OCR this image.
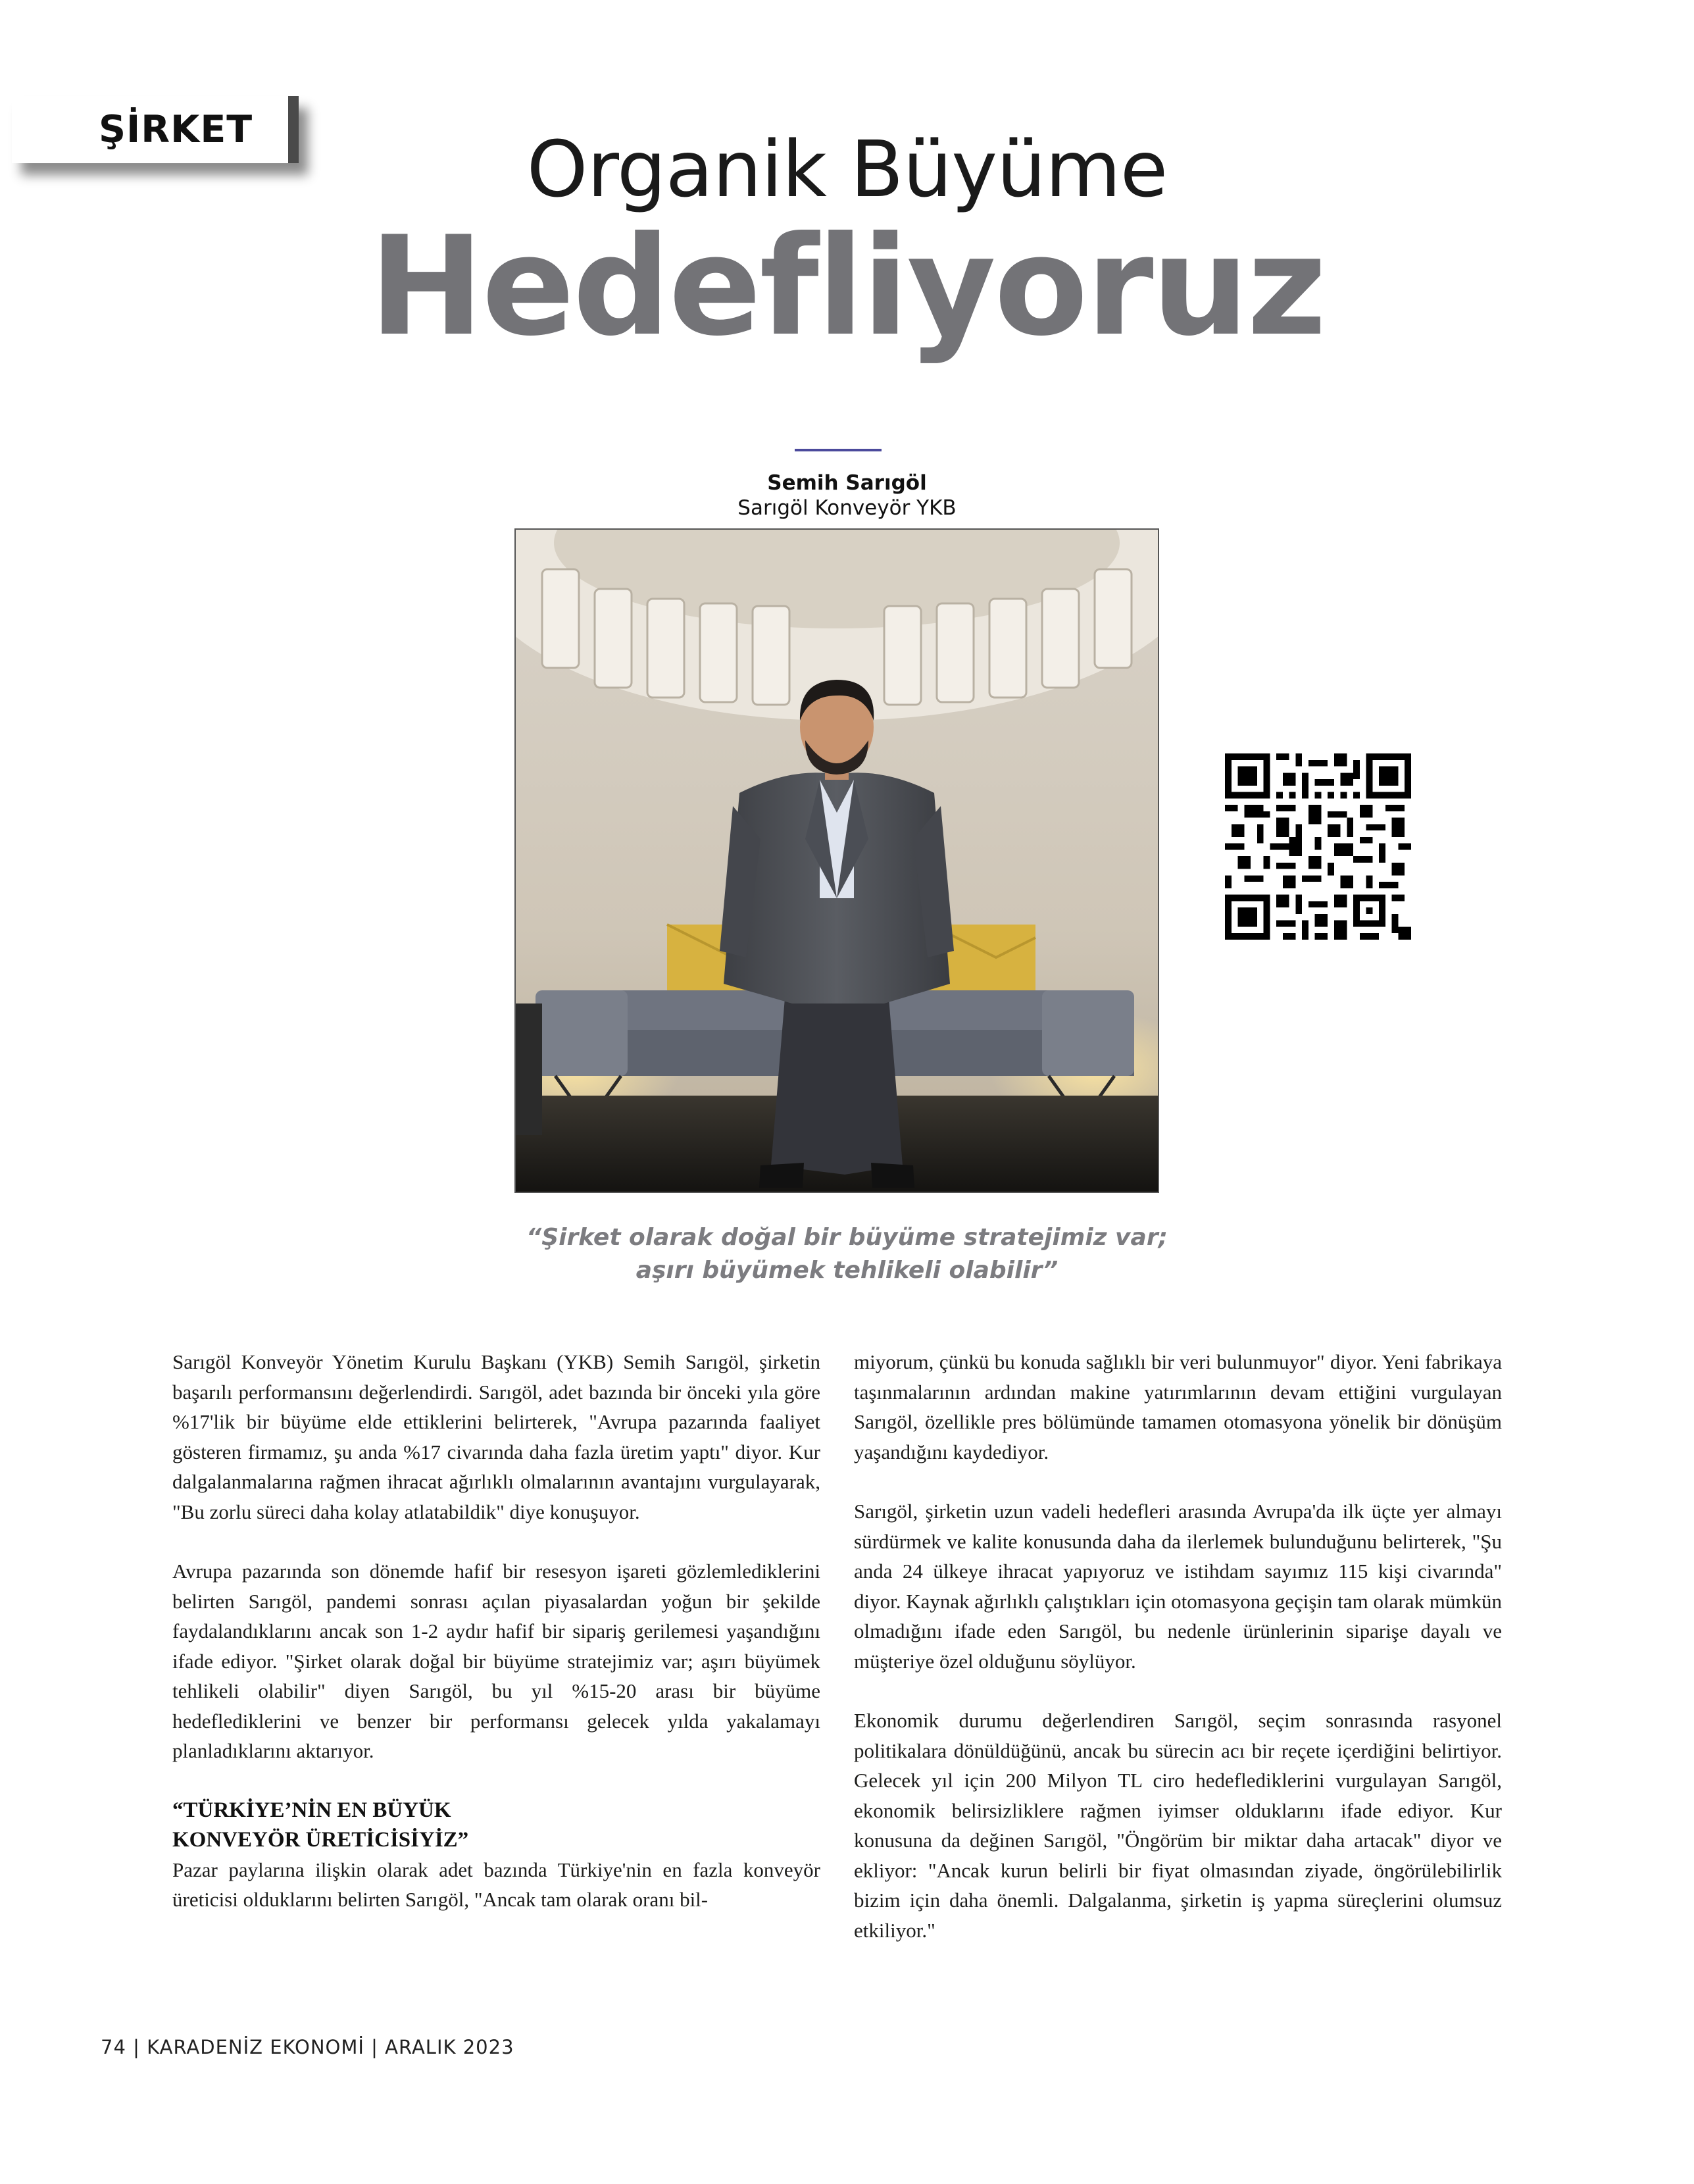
ŞİRKET	Organik Büyüme
Hedefliyoruz
Semih Sarıgöl
Sarıgöl Konveyör YKB
“Şirket olarak doğal bir büyüme stratejimiz var;
aşırı büyümek tehlikeli olabilir”

Sarıgöl Konveyör Yönetim Kurulu Başkanı (YKB) Semih Sarıgöl, şirketin başarılı performansını değerlendirdi. Sarıgöl, adet bazında bir önceki yıla göre %17'lik bir büyüme elde ettiklerini belirterek, "Avrupa pazarında faaliyet gösteren firmamız, şu anda %17 civarında daha fazla üretim yaptı" diyor. Kur dalgalanmalarına rağmen ihracat ağırlıklı olmalarının avantajını vurgulayarak, "Bu zorlu süreci daha kolay atlatabildik" diye konuşuyor.

Avrupa pazarında son dönemde hafif bir resesyon işareti gözlemlediklerini belirten Sarıgöl, pandemi sonrası açılan piyasalardan yoğun bir şekilde faydalandıklarını ancak son 1-2 aydır hafif bir sipariş gerilemesi yaşandığını ifade ediyor. "Şirket olarak doğal bir büyüme stratejimiz var; aşırı büyümek tehlikeli olabilir" diyen Sarıgöl, bu yıl %15-20 arası bir büyüme hedeflediklerini ve benzer bir performansı gelecek yılda yakalamayı planladıklarını aktarıyor.

“TÜRKİYE’NİN EN BÜYÜK
KONVEYÖR ÜRETİCİSİYİZ”

Pazar paylarına ilişkin olarak adet bazında Türkiye'nin en fazla konveyör üreticisi olduklarını belirten Sarıgöl, "Ancak tam olarak oranı bil-

miyorum, çünkü bu konuda sağlıklı bir veri bulunmuyor" diyor. Yeni fabrikaya taşınmalarının ardından makine yatırımlarının devam ettiğini vurgulayan Sarıgöl, özellikle pres bölümünde tamamen otomasyona yönelik bir dönüşüm yaşandığını kaydediyor.

Sarıgöl, şirketin uzun vadeli hedefleri arasında Avrupa'da ilk üçte yer almayı sürdürmek ve kalite konusunda daha da ilerlemek bulunduğunu belirterek, "Şu anda 24 ülkeye ihracat yapıyoruz ve istihdam sayımız 115 kişi civarında" diyor. Kaynak ağırlıklı çalıştıkları için otomasyona geçişin tam olarak mümkün olmadığını ifade eden Sarıgöl, bu nedenle ürünlerinin siparişe dayalı ve müşteriye özel olduğunu söylüyor.

Ekonomik durumu değerlendiren Sarıgöl, seçim sonrasında rasyonel politikalara dönüldüğünü, ancak bu sürecin acı bir reçete içerdiğini belirtiyor. Gelecek yıl için 200 Milyon TL ciro hedeflediklerini vurgulayan Sarıgöl, ekonomik belirsizliklere rağmen iyimser olduklarını ifade ediyor. Kur konusuna da değinen Sarıgöl, "Öngörüm bir miktar daha artacak" diyor ve ekliyor: "Ancak kurun belirli bir fiyat olmasından ziyade, öngörülebilirlik bizim için daha önemli. Dalgalanma, şirketin iş yapma süreçlerini olumsuz etkiliyor."

74 | KARADENİZ EKONOMİ | ARALIK 2023
